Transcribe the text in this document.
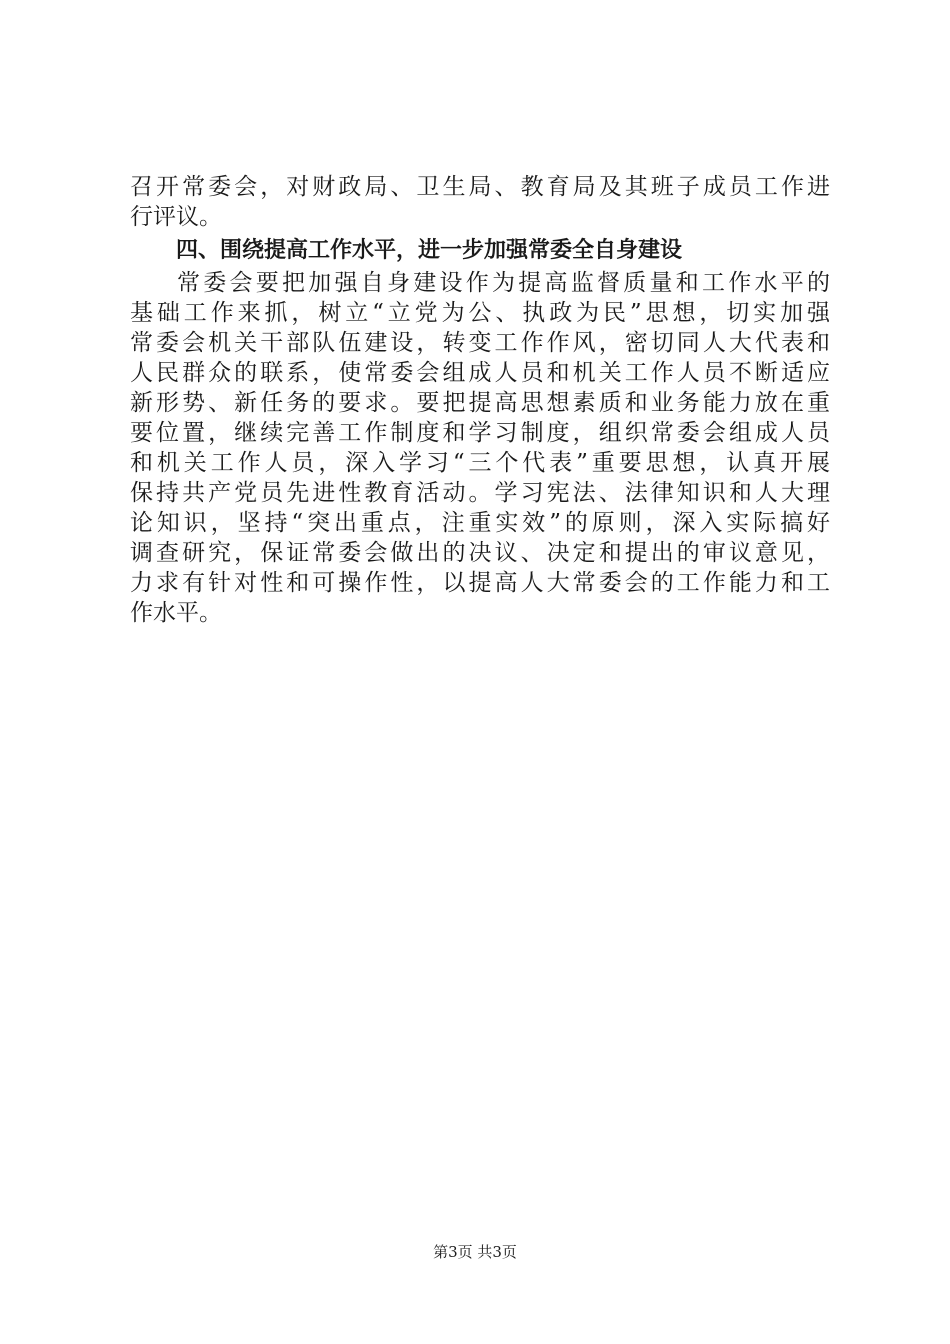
召开常委会，对财政局、卫生局、教育局及其班子成员工作进
行评议。
四、围绕提高工作水平，进一步加强常委全自身建设
常委会要把加强自身建设作为提高监督质量和工作水平的
基础工作来抓，树立“立党为公、执政为民”思想，切实加强
常委会机关干部队伍建设，转变工作作风，密切同人大代表和
人民群众的联系，使常委会组成人员和机关工作人员不断适应
新形势、新任务的要求。要把提高思想素质和业务能力放在重
要位置，继续完善工作制度和学习制度，组织常委会组成人员
和机关工作人员，深入学习“三个代表”重要思想，认真开展
保持共产党员先进性教育活动。学习宪法、法律知识和人大理
论知识，坚持“突出重点，注重实效”的原则，深入实际搞好
调查研究，保证常委会做出的决议、决定和提出的审议意见，
力求有针对性和可操作性，以提高人大常委会的工作能力和工
作水平。
第3页 共3页
